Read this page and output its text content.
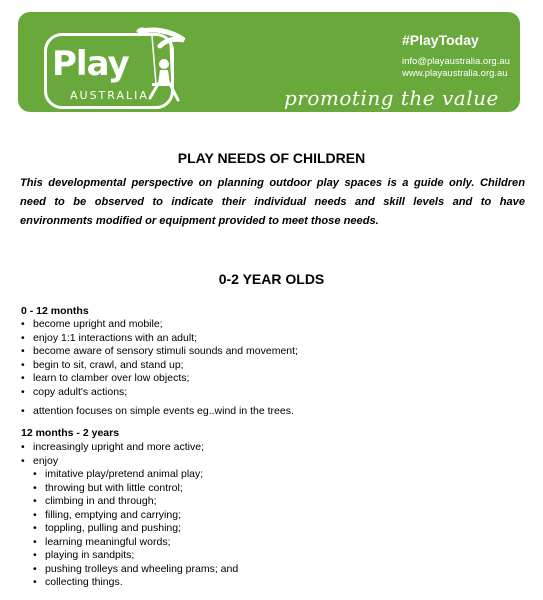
Play
AUSTRALIA
#PlayToday
info@playaustralia.org.au
www.playaustralia.org.au
promoting the value of play
PLAY NEEDS OF CHILDREN
This developmental perspective on planning outdoor play spaces is a guide only. Children need to be observed to indicate their individual needs and skill levels and to have environments modified or equipment provided to meet those needs.
0-2 YEAR OLDS
0 - 12 months
• become upright and mobile;
• enjoy 1:1 interactions with an adult;
• become aware of sensory stimuli sounds and movement;
• begin to sit, crawl, and stand up;
• learn to clamber over low objects;
• copy adult's actions;
• attention focuses on simple events eg..wind in the trees.
12 months - 2 years
• increasingly upright and more active;
• enjoy
• imitative play/pretend animal play;
• throwing but with little control;
• climbing in and through;
• filling, emptying and carrying;
• toppling, pulling and pushing;
• learning meaningful words;
• playing in sandpits;
• pushing trolleys and wheeling prams; and
• collecting things.
